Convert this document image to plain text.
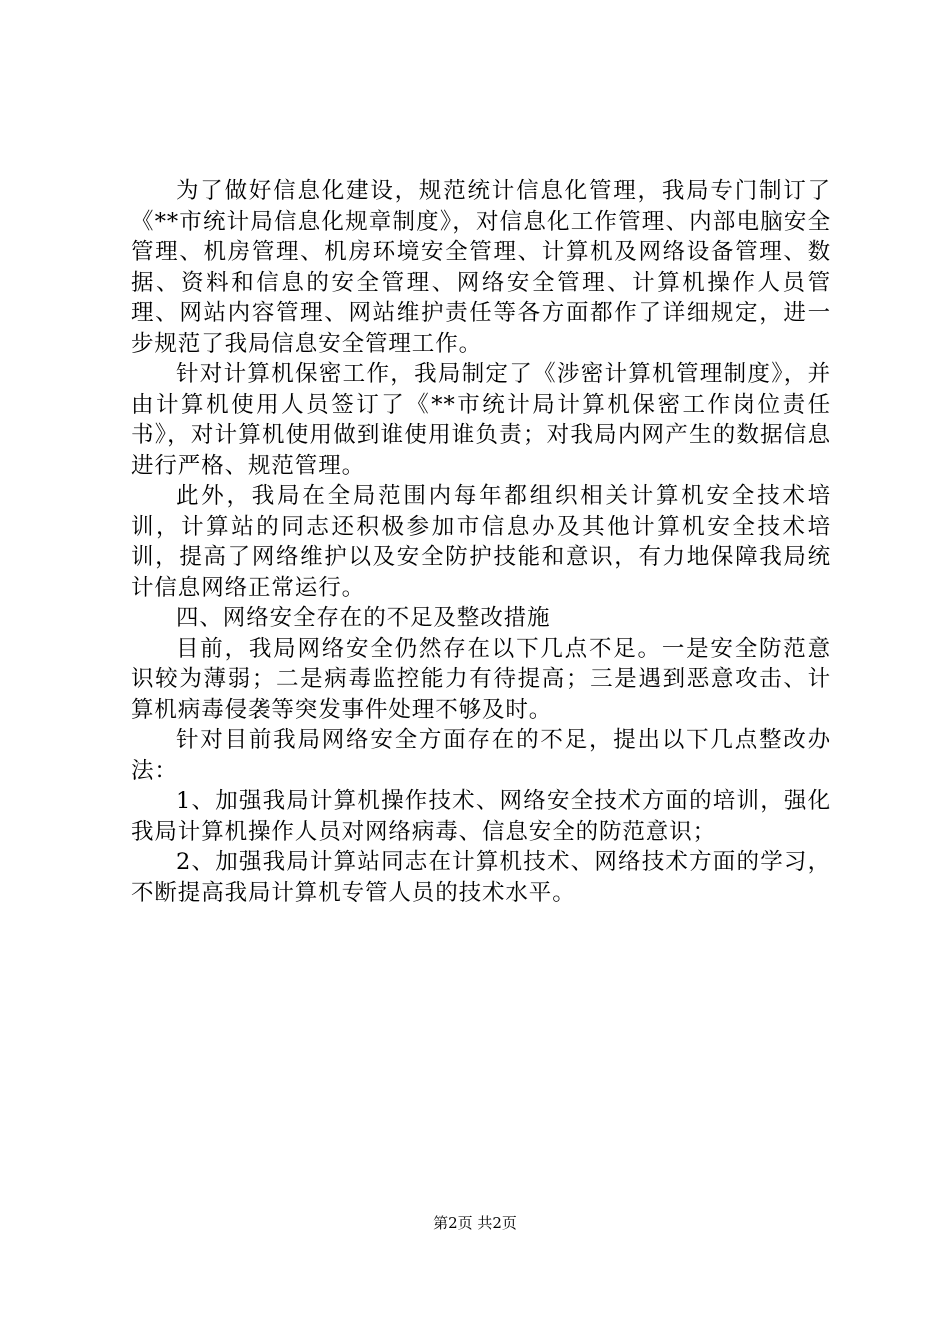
为了做好信息化建设，规范统计信息化管理，我局专门制订了《**市统计局信息化规章制度》，对信息化工作管理、内部电脑安全管理、机房管理、机房环境安全管理、计算机及网络设备管理、数据、资料和信息的安全管理、网络安全管理、计算机操作人员管理、网站内容管理、网站维护责任等各方面都作了详细规定，进一步规范了我局信息安全管理工作。

针对计算机保密工作，我局制定了《涉密计算机管理制度》，并由计算机使用人员签订了《**市统计局计算机保密工作岗位责任书》，对计算机使用做到谁使用谁负责；对我局内网产生的数据信息进行严格、规范管理。

此外，我局在全局范围内每年都组织相关计算机安全技术培训，计算站的同志还积极参加市信息办及其他计算机安全技术培训，提高了网络维护以及安全防护技能和意识，有力地保障我局统计信息网络正常运行。

四、网络安全存在的不足及整改措施

目前，我局网络安全仍然存在以下几点不足。一是安全防范意识较为薄弱；二是病毒监控能力有待提高；三是遇到恶意攻击、计算机病毒侵袭等突发事件处理不够及时。

针对目前我局网络安全方面存在的不足，提出以下几点整改办法：

1、加强我局计算机操作技术、网络安全技术方面的培训，强化我局计算机操作人员对网络病毒、信息安全的防范意识；

2、加强我局计算站同志在计算机技术、网络技术方面的学习，不断提高我局计算机专管人员的技术水平。

第2页 共2页
